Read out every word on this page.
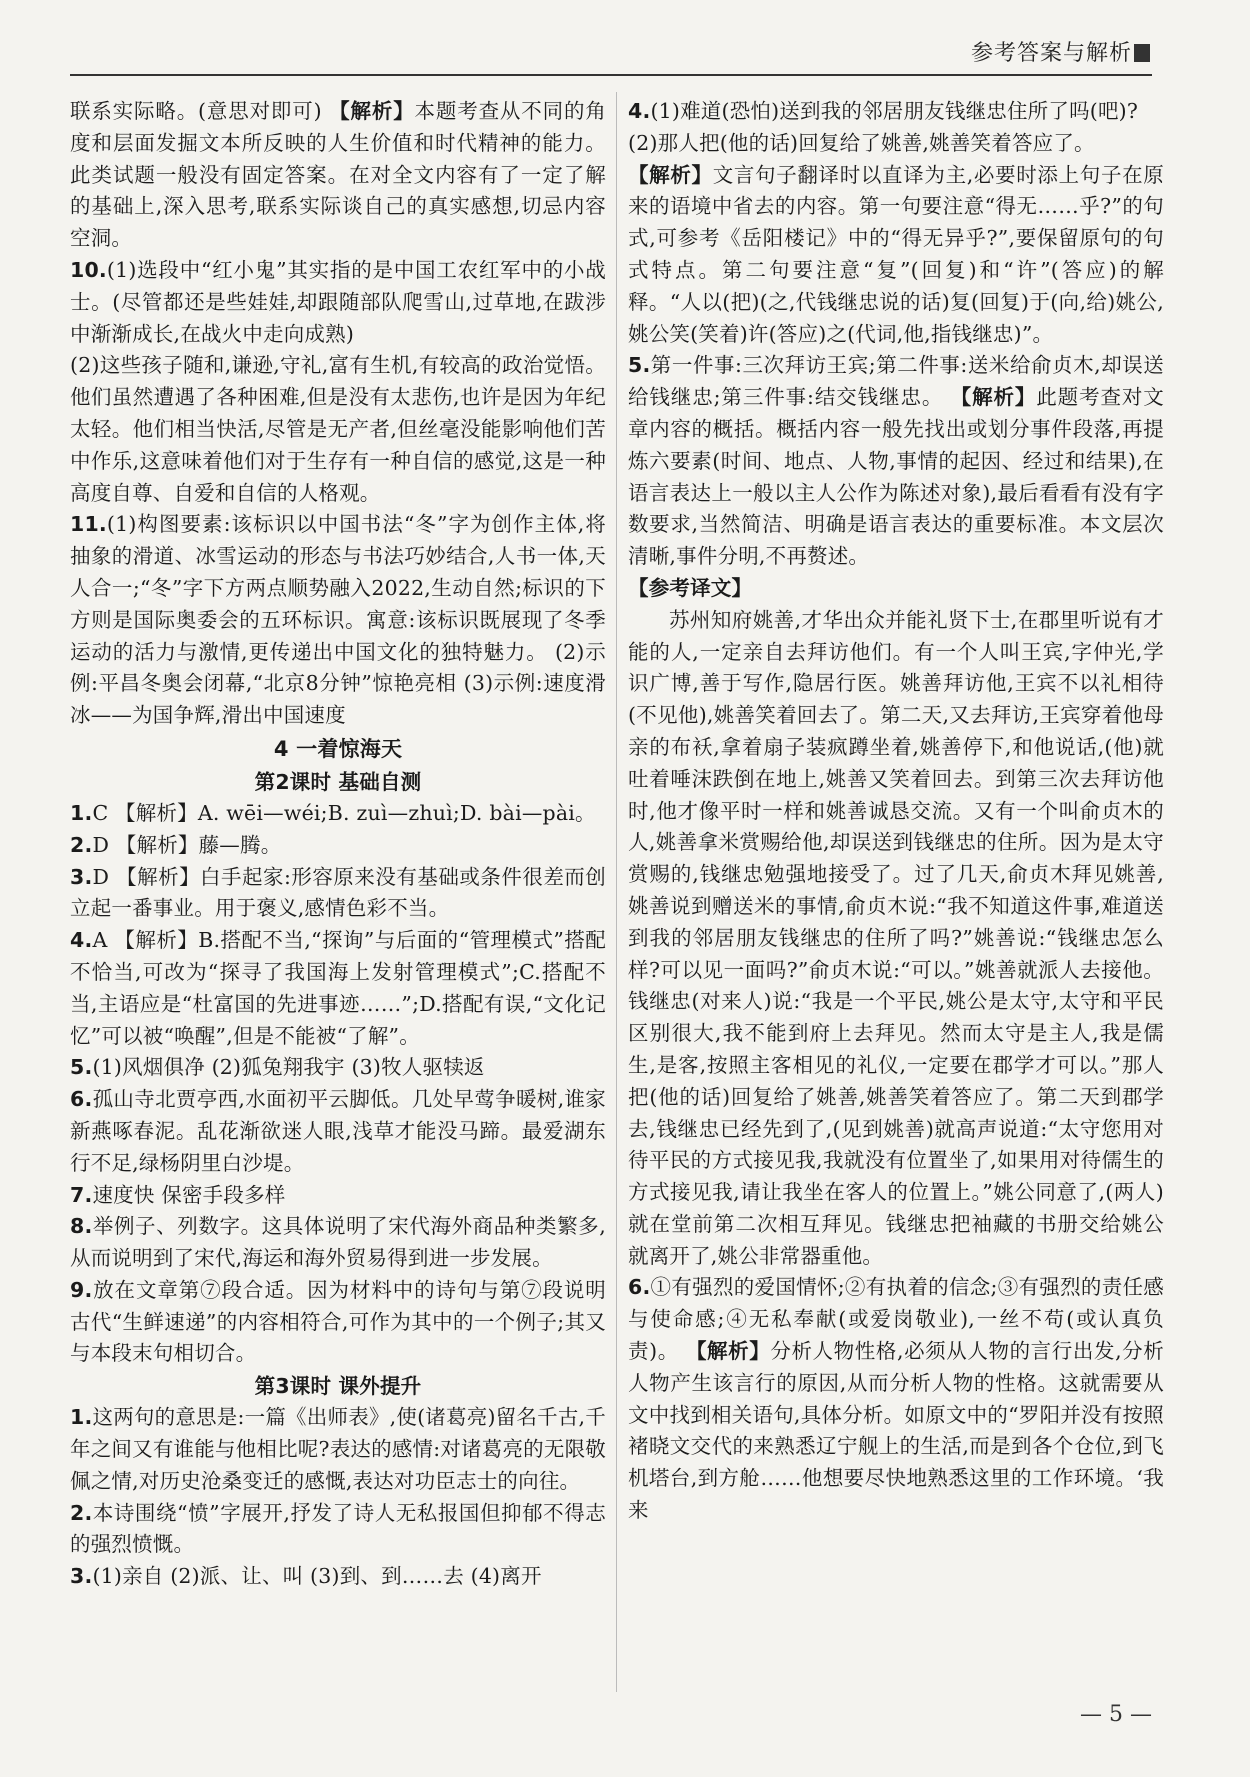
参考答案与解析

联系实际略。(意思对即可) 【解析】本题考查从不同的角度和层面发掘文本所反映的人生价值和时代精神的能力。此类试题一般没有固定答案。在对全文内容有了一定了解的基础上,深入思考,联系实际谈自己的真实感想,切忌内容空洞。

10.(1)选段中“红小鬼”其实指的是中国工农红军中的小战士。(尽管都还是些娃娃,却跟随部队爬雪山,过草地,在跋涉中渐渐成长,在战火中走向成熟)

(2)这些孩子随和,谦逊,守礼,富有生机,有较高的政治觉悟。他们虽然遭遇了各种困难,但是没有太悲伤,也许是因为年纪太轻。他们相当快活,尽管是无产者,但丝毫没能影响他们苦中作乐,这意味着他们对于生存有一种自信的感觉,这是一种高度自尊、自爱和自信的人格观。

11.(1)构图要素:该标识以中国书法“冬”字为创作主体,将抽象的滑道、冰雪运动的形态与书法巧妙结合,人书一体,天人合一;“冬”字下方两点顺势融入2022,生动自然;标识的下方则是国际奥委会的五环标识。寓意:该标识既展现了冬季运动的活力与激情,更传递出中国文化的独特魅力。 (2)示例:平昌冬奥会闭幕,“北京8分钟”惊艳亮相 (3)示例:速度滑冰——为国争辉,滑出中国速度

4 一着惊海天
第2课时 基础自测

1.C 【解析】A. wēi—wéi;B. zuì—zhuì;D. bài—pài。

2.D 【解析】藤—腾。

3.D 【解析】白手起家:形容原来没有基础或条件很差而创立起一番事业。用于褒义,感情色彩不当。

4.A 【解析】B.搭配不当,“探询”与后面的“管理模式”搭配不恰当,可改为“探寻了我国海上发射管理模式”;C.搭配不当,主语应是“杜富国的先进事迹……”;D.搭配有误,“文化记忆”可以被“唤醒”,但是不能被“了解”。

5.(1)风烟俱净 (2)狐兔翔我宇 (3)牧人驱犊返

6.孤山寺北贾亭西,水面初平云脚低。几处早莺争暖树,谁家新燕啄春泥。乱花渐欲迷人眼,浅草才能没马蹄。最爱湖东行不足,绿杨阴里白沙堤。

7.速度快 保密手段多样

8.举例子、列数字。这具体说明了宋代海外商品种类繁多,从而说明到了宋代,海运和海外贸易得到进一步发展。

9.放在文章第⑦段合适。因为材料中的诗句与第⑦段说明古代“生鲜速递”的内容相符合,可作为其中的一个例子;其又与本段末句相切合。

第3课时 课外提升

1.这两句的意思是:一篇《出师表》,使(诸葛亮)留名千古,千年之间又有谁能与他相比呢?表达的感情:对诸葛亮的无限敬佩之情,对历史沧桑变迁的感慨,表达对功臣志士的向往。

2.本诗围绕“愤”字展开,抒发了诗人无私报国但抑郁不得志的强烈愤慨。

3.(1)亲自 (2)派、让、叫 (3)到、到……去 (4)离开

4.(1)难道(恐怕)送到我的邻居朋友钱继忠住所了吗(吧)?

(2)那人把(他的话)回复给了姚善,姚善笑着答应了。

【解析】文言句子翻译时以直译为主,必要时添上句子在原来的语境中省去的内容。第一句要注意“得无……乎?”的句式,可参考《岳阳楼记》中的“得无异乎?”,要保留原句的句式特点。第二句要注意“复”(回复)和“许”(答应)的解释。“人以(把)(之,代钱继忠说的话)复(回复)于(向,给)姚公,姚公笑(笑着)许(答应)之(代词,他,指钱继忠)”。

5.第一件事:三次拜访王宾;第二件事:送米给俞贞木,却误送给钱继忠;第三件事:结交钱继忠。 【解析】此题考查对文章内容的概括。概括内容一般先找出或划分事件段落,再提炼六要素(时间、地点、人物,事情的起因、经过和结果),在语言表达上一般以主人公作为陈述对象),最后看看有没有字数要求,当然简洁、明确是语言表达的重要标准。本文层次清晰,事件分明,不再赘述。

【参考译文】

苏州知府姚善,才华出众并能礼贤下士,在郡里听说有才能的人,一定亲自去拜访他们。有一个人叫王宾,字仲光,学识广博,善于写作,隐居行医。姚善拜访他,王宾不以礼相待(不见他),姚善笑着回去了。第二天,又去拜访,王宾穿着他母亲的布袄,拿着扇子装疯蹲坐着,姚善停下,和他说话,(他)就吐着唾沫跌倒在地上,姚善又笑着回去。到第三次去拜访他时,他才像平时一样和姚善诚恳交流。又有一个叫俞贞木的人,姚善拿米赏赐给他,却误送到钱继忠的住所。因为是太守赏赐的,钱继忠勉强地接受了。过了几天,俞贞木拜见姚善,姚善说到赠送米的事情,俞贞木说:“我不知道这件事,难道送到我的邻居朋友钱继忠的住所了吗?”姚善说:“钱继忠怎么样?可以见一面吗?”俞贞木说:“可以。”姚善就派人去接他。钱继忠(对来人)说:“我是一个平民,姚公是太守,太守和平民区别很大,我不能到府上去拜见。然而太守是主人,我是儒生,是客,按照主客相见的礼仪,一定要在郡学才可以。”那人把(他的话)回复给了姚善,姚善笑着答应了。第二天到郡学去,钱继忠已经先到了,(见到姚善)就高声说道:“太守您用对待平民的方式接见我,我就没有位置坐了,如果用对待儒生的方式接见我,请让我坐在客人的位置上。”姚公同意了,(两人)就在堂前第二次相互拜见。钱继忠把袖藏的书册交给姚公就离开了,姚公非常器重他。

6.①有强烈的爱国情怀;②有执着的信念;③有强烈的责任感与使命感;④无私奉献(或爱岗敬业),一丝不苟(或认真负责)。 【解析】分析人物性格,必须从人物的言行出发,分析人物产生该言行的原因,从而分析人物的性格。这就需要从文中找到相关语句,具体分析。如原文中的“罗阳并没有按照褚晓文交代的来熟悉辽宁舰上的生活,而是到各个仓位,到飞机塔台,到方舱……他想要尽快地熟悉这里的工作环境。‘我来

— 5 —
